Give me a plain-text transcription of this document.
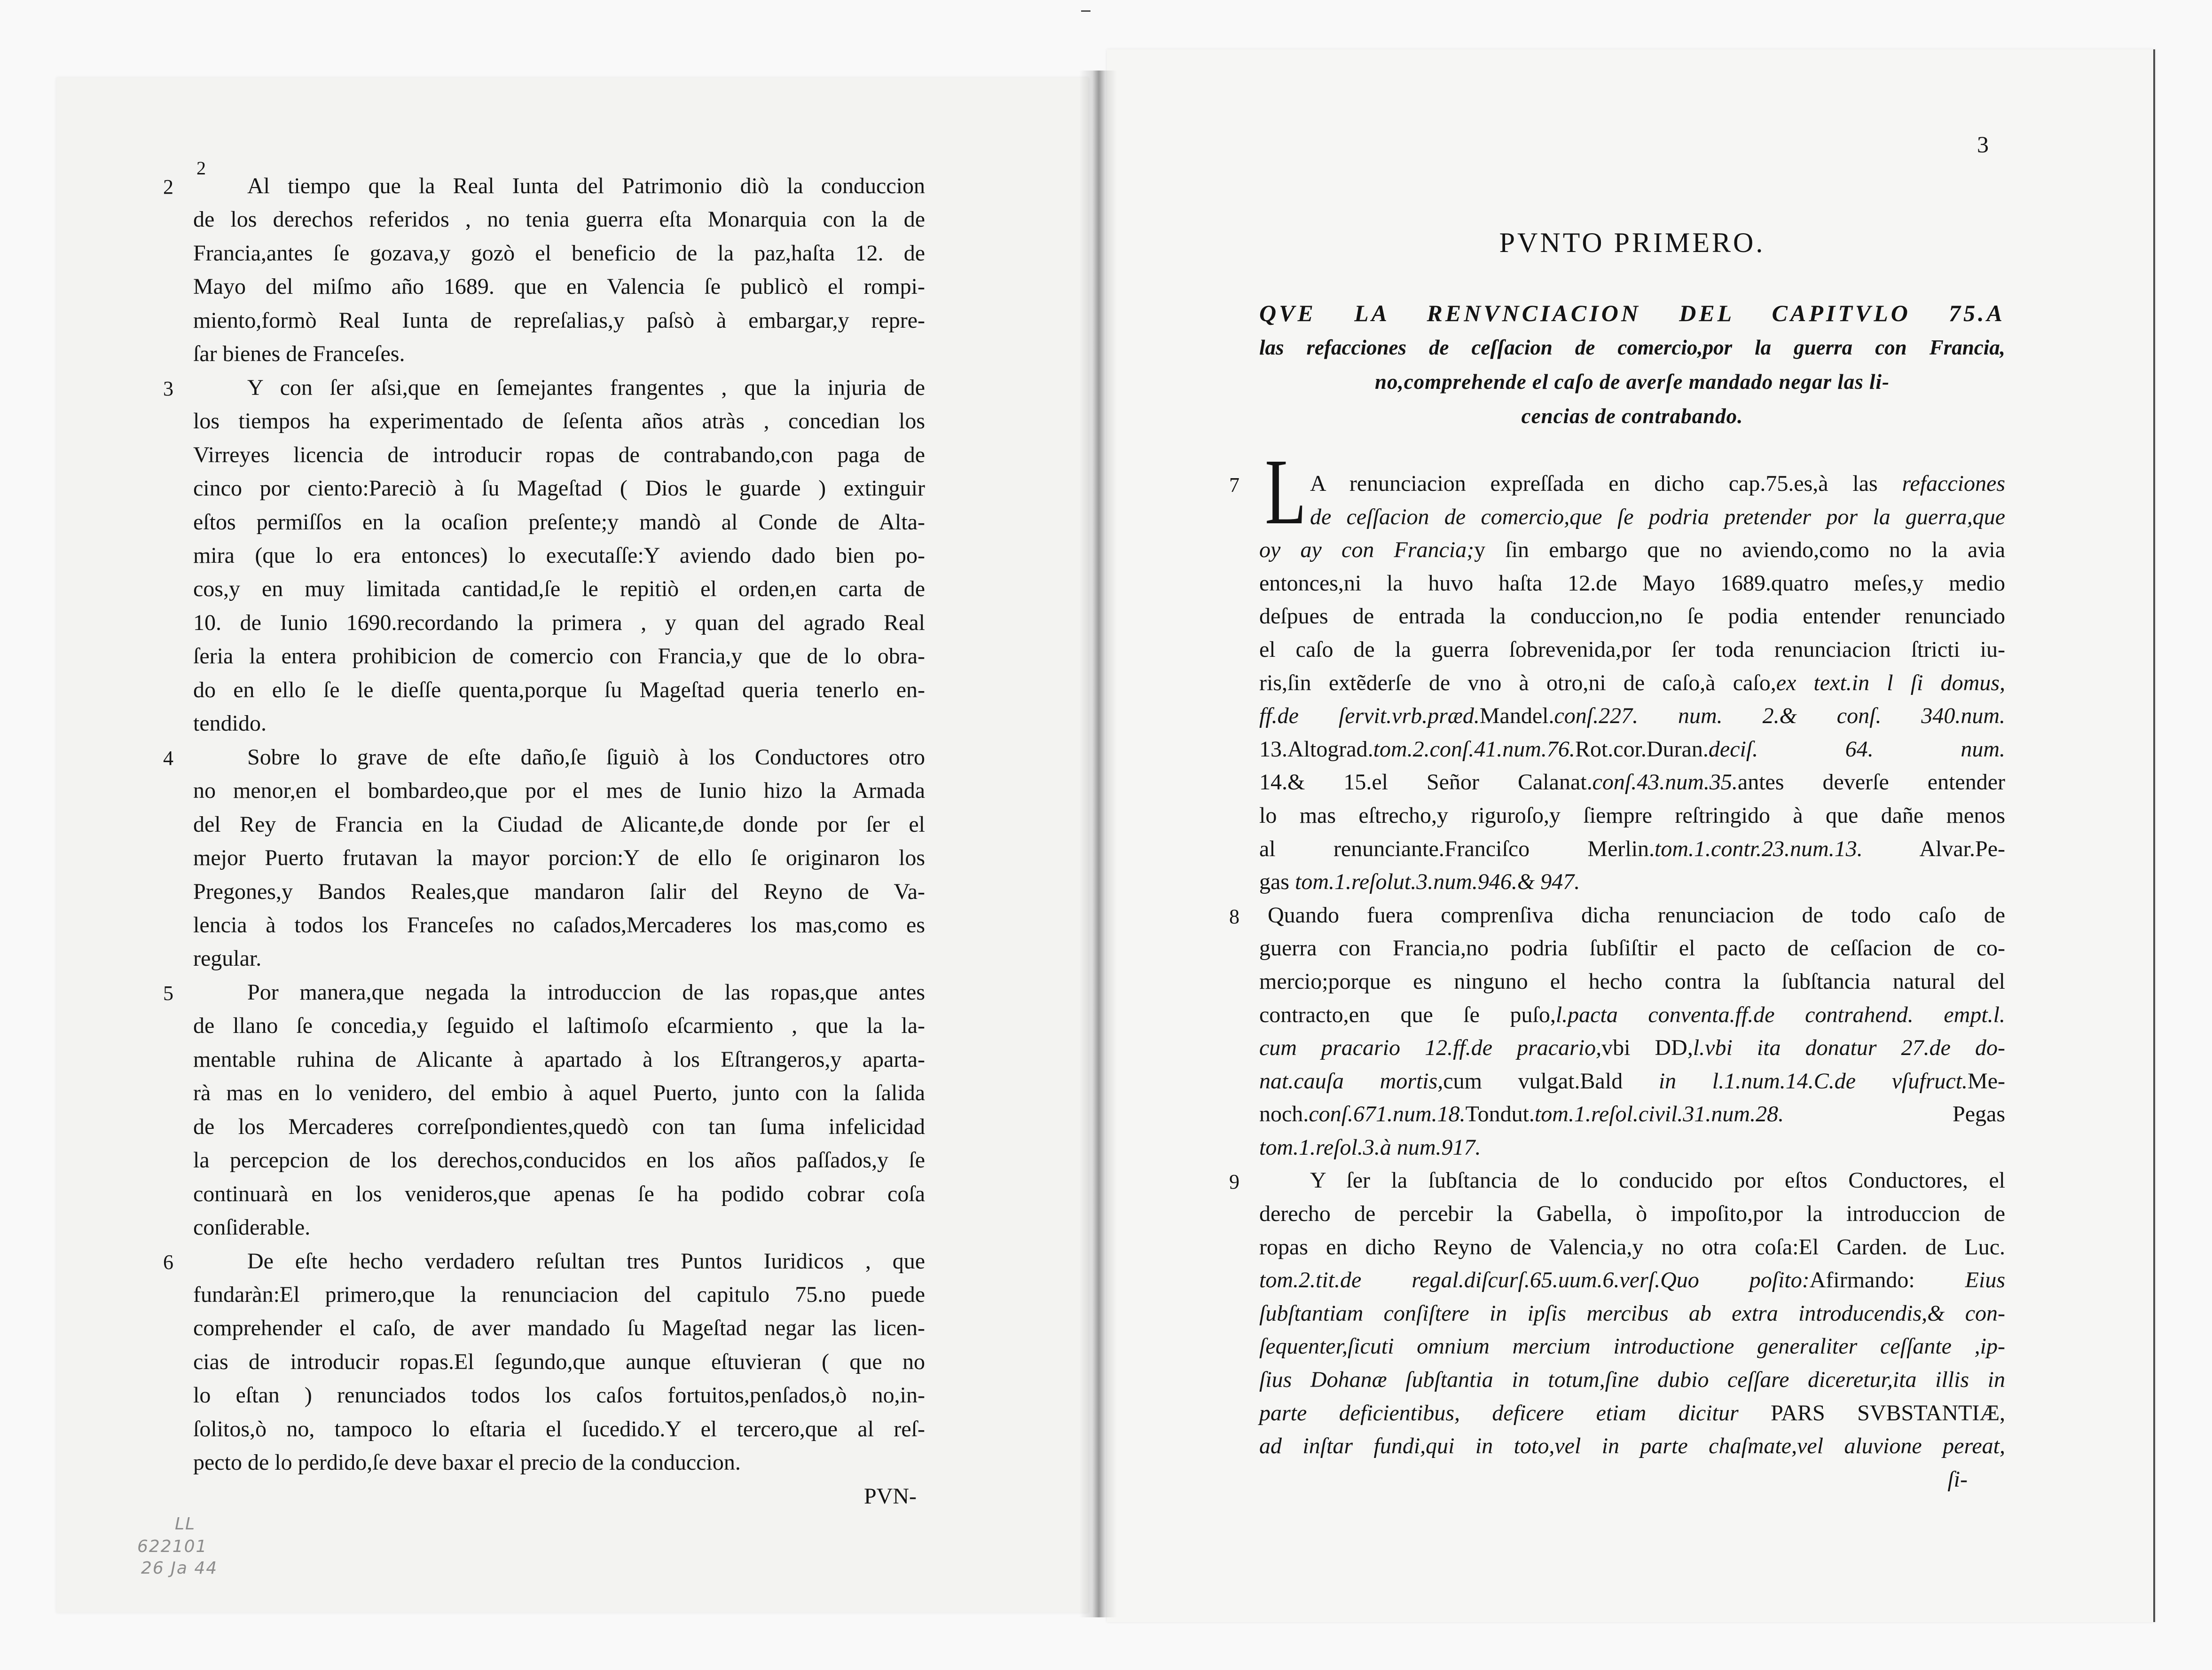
2
2	Al tiempo que la Real Iunta del Patrimonio diò la conduccion
de los derechos referidos , no tenia guerra eſta Monarquia con la de
Francia,antes ſe gozava,y gozò el beneficio de la paz,haſta 12. de
Mayo del miſmo año 1689. que en Valencia ſe publicò el rompi-
miento,formò Real Iunta de repreſalias,y paſsò à embargar,y repre-
ſar bienes de Franceſes.
3	Y con ſer aſsi,que en ſemejantes frangentes , que la injuria de
los tiempos ha experimentado de ſeſenta años atràs , concedian los
Virreyes licencia de introducir ropas de contrabando,con paga de
cinco por ciento:Pareciò à ſu Mageſtad ( Dios le guarde ) extinguir
eſtos permiſſos en la ocaſion preſente;y mandò al Conde de Alta-
mira (que lo era entonces) lo executaſſe:Y aviendo dado bien po-
cos,y en muy limitada cantidad,ſe le repitiò el orden,en carta de
10. de Iunio 1690.recordando la primera , y quan del agrado Real
ſeria la entera prohibicion de comercio con Francia,y que de lo obra-
do en ello ſe le dieſſe quenta,porque ſu Mageſtad queria tenerlo en-
tendido.
4	Sobre lo grave de eſte daño,ſe ſiguiò à los Conductores otro
no menor,en el bombardeo,que por el mes de Iunio hizo la Armada
del Rey de Francia en la Ciudad de Alicante,de donde por ſer el
mejor Puerto frutavan la mayor porcion:Y de ello ſe originaron los
Pregones,y Bandos Reales,que mandaron ſalir del Reyno de Va-
lencia à todos los Franceſes no caſados,Mercaderes los mas,como es
regular.
5	Por manera,que negada la introduccion de las ropas,que antes
de llano ſe concedia,y ſeguido el laſtimoſo eſcarmiento , que la la-
mentable ruhina de Alicante à apartado à los Eſtrangeros,y aparta-
rà mas en lo venidero, del embio à aquel Puerto, junto con la ſalida
de los Mercaderes correſpondientes,quedò con tan ſuma infelicidad
la percepcion de los derechos,conducidos en los años paſſados,y ſe
continuarà en los venideros,que apenas ſe ha podido cobrar coſa
conſiderable.
6	De eſte hecho verdadero reſultan tres Puntos Iuridicos , que
fundaràn:El primero,que la renunciacion del capitulo 75.no puede
comprehender el caſo, de aver mandado ſu Mageſtad negar las licen-
cias de introducir ropas.El ſegundo,que aunque eſtuvieran ( que no
lo eſtan ) renunciados todos los caſos fortuitos,penſados,ò no,in-
ſolitos,ò no, tampoco lo eſtaria el ſucedido.Y el tercero,que al reſ-
pecto de lo perdido,ſe deve baxar el precio de la conduccion.
PVN-
LL
622101
26 Ja 44
3
PVNTO PRIMERO.
QVE LA RENVNCIACION DEL CAPITVLO 75.A
las refacciones de ceſſacion de comercio,por la guerra con Francia,
no,comprehende el caſo de averſe mandado negar las li-
cencias de contrabando.
7 L A renunciacion expreſſada en dicho cap.75.es,à las refacciones
de ceſſacion de comercio,que ſe podria pretender por la guerra,que
oy ay con Francia;y ſin embargo que no aviendo,como no la avia
entonces,ni la huvo haſta 12.de Mayo 1689.quatro meſes,y medio
deſpues de entrada la conduccion,no ſe podia entender renunciado
el caſo de la guerra ſobrevenida,por ſer toda renunciacion ſtricti iu-
ris,ſin extẽderſe de vno à otro,ni de caſo,à caſo,ex text.in l ſi domus,
ff.de ſervit.vrb.præd.Mandel.conſ.227. num. 2.& conſ. 340.num.
13.Altograd.tom.2.conſ.41.num.76.Rot.cor.Duran.deciſ. 64. num.
14.& 15.el Señor Calanat.conſ.43.num.35.antes deverſe entender
lo mas eſtrecho,y riguroſo,y ſiempre reſtringido à que dañe menos
al renunciante.Franciſco Merlin.tom.1.contr.23.num.13. Alvar.Pe-
gas tom.1.reſolut.3.num.946.& 947.
8	Quando fuera comprenſiva dicha renunciacion de todo caſo de
guerra con Francia,no podria ſubſiſtir el pacto de ceſſacion de co-
mercio;porque es ninguno el hecho contra la ſubſtancia natural del
contracto,en que ſe puſo,l.pacta conventa.ff.de contrahend. empt.l.
cum pracario 12.ff.de pracario,vbi DD,l.vbi ita donatur 27.de do-
nat.cauſa mortis,cum vulgat.Bald in l.1.num.14.C.de vſufruct.Me-
noch.conſ.671.num.18.Tondut.tom.1.reſol.civil.31.num.28. Pegas
tom.1.reſol.3.à num.917.
9	Y ſer la ſubſtancia de lo conducido por eſtos Conductores, el
derecho de percebir la Gabella, ò impoſito,por la introduccion de
ropas en dicho Reyno de Valencia,y no otra coſa:El Carden. de Luc.
tom.2.tit.de regal.diſcurſ.65.uum.6.verſ.Quo poſito:Afirmando: Eius
ſubſtantiam conſiſtere in ipſis mercibus ab extra introducendis,& con-
ſequenter,ſicuti omnium mercium introductione generaliter ceſſante ,ip-
ſius Dohanæ ſubſtantia in totum,ſine dubio ceſſare diceretur,ita illis in
parte deficientibus, deficere etiam dicitur PARS SVBSTANTIÆ,
ad inſtar fundi,qui in toto,vel in parte chaſmate,vel aluvione pereat,
ſi-
